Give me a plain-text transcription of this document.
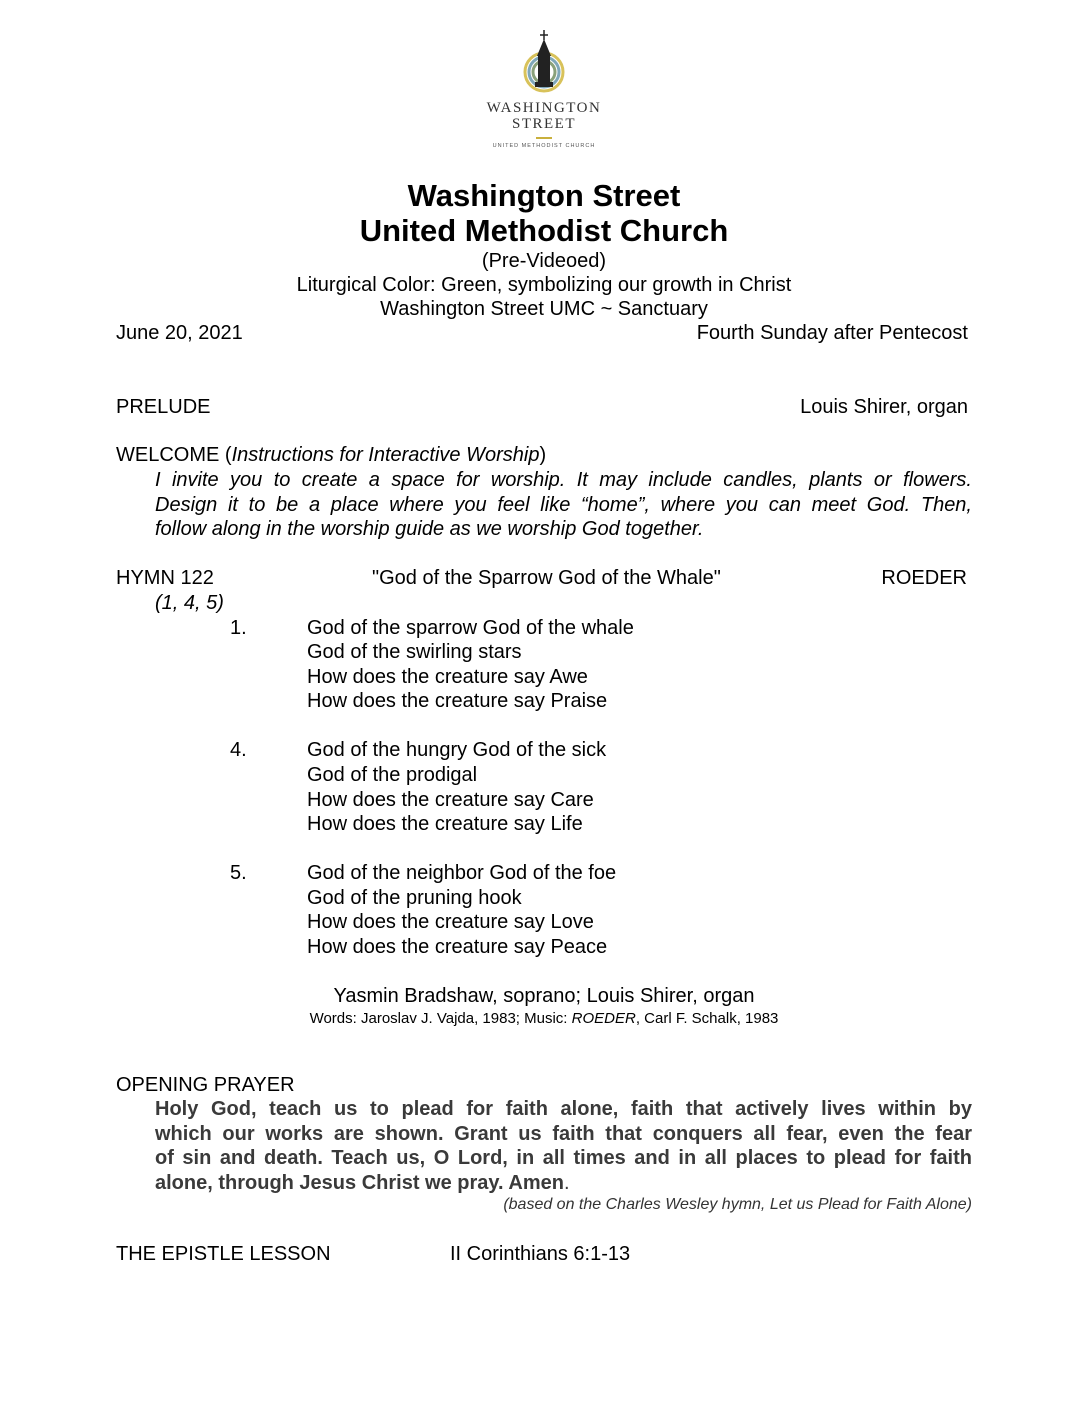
WASHINGTON
STREET
UNITED METHODIST CHURCH
Washington Street
United Methodist Church
(Pre-Videoed)
Liturgical Color: Green, symbolizing our growth in Christ
Washington Street UMC ~ Sanctuary
June 20, 2021	Fourth Sunday after Pentecost
PRELUDE	Louis Shirer, organ
WELCOME (Instructions for Interactive Worship)
I invite you to create a space for worship. It may include candles, plants or flowers.
Design it to be a place where you feel like “home”, where you can meet God. Then,
follow along in the worship guide as we worship God together.
HYMN 122	"God of the Sparrow God of the Whale"	ROEDER
(1, 4, 5)
1.	God of the sparrow God of the whale
God of the swirling stars
How does the creature say Awe
How does the creature say Praise
4.	God of the hungry God of the sick
God of the prodigal
How does the creature say Care
How does the creature say Life
5.	God of the neighbor God of the foe
God of the pruning hook
How does the creature say Love
How does the creature say Peace
Yasmin Bradshaw, soprano; Louis Shirer, organ
Words: Jaroslav J. Vajda, 1983; Music: ROEDER, Carl F. Schalk, 1983
OPENING PRAYER
Holy God, teach us to plead for faith alone, faith that actively lives within by
which our works are shown. Grant us faith that conquers all fear, even the fear
of sin and death. Teach us, O Lord, in all times and in all places to plead for faith
alone, through Jesus Christ we pray. Amen.
(based on the Charles Wesley hymn, Let us Plead for Faith Alone)
THE EPISTLE LESSON	II Corinthians 6:1-13
